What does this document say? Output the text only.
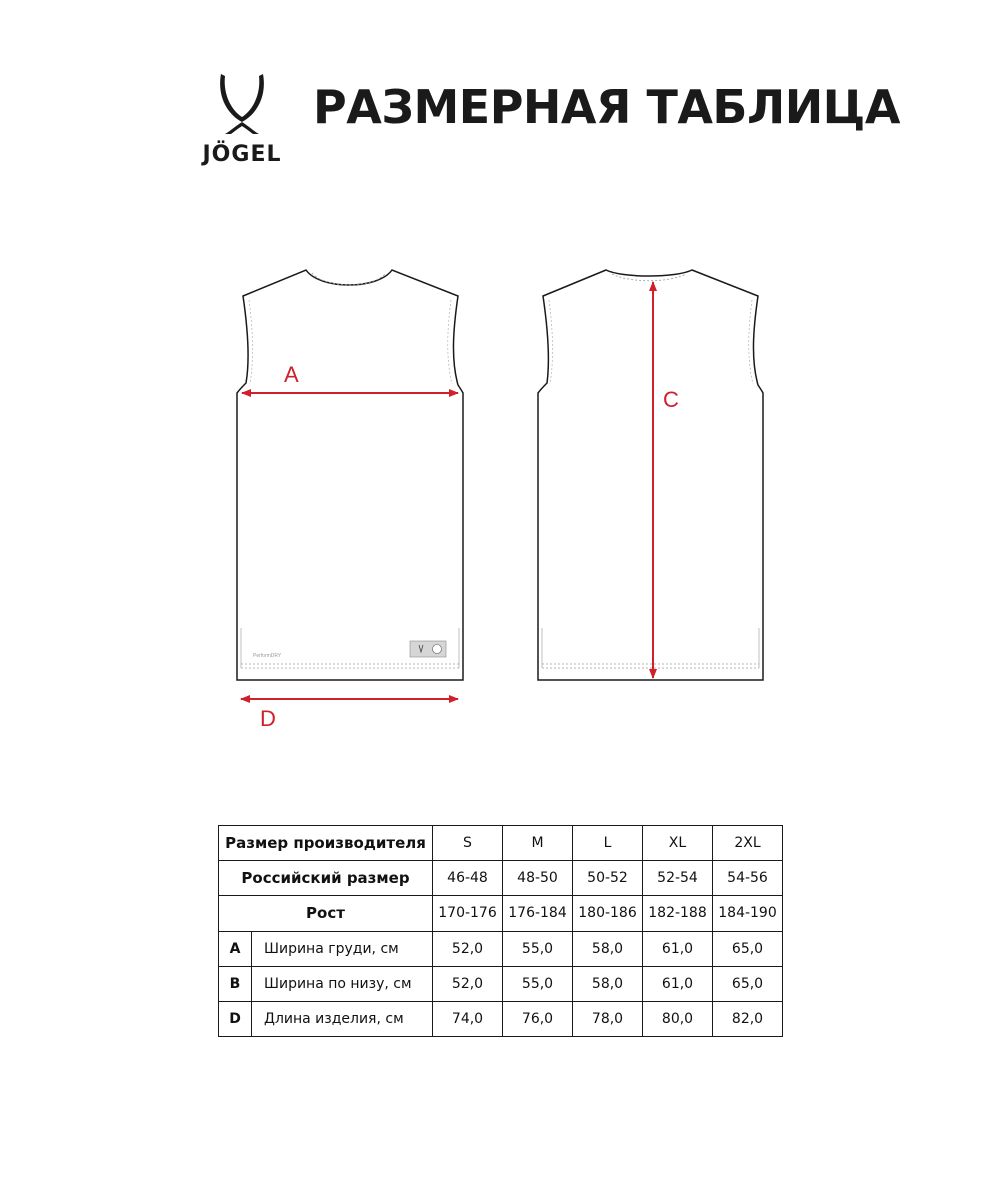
JÖGEL
РАЗМЕРНАЯ ТАБЛИЦА
PerformDRY
A
D
C
Размер производителя		S	M	L	XL	2XL
Российский размер		46-48	48-50	50-52	52-54	54-56
Рост		170-176	176-184	180-186	182-188	184-190
A	Ширина груди, см	52,0	55,0	58,0	61,0	65,0
B	Ширина по низу, см	52,0	55,0	58,0	61,0	65,0
D	Длина изделия, см	74,0	76,0	78,0	80,0	82,0
